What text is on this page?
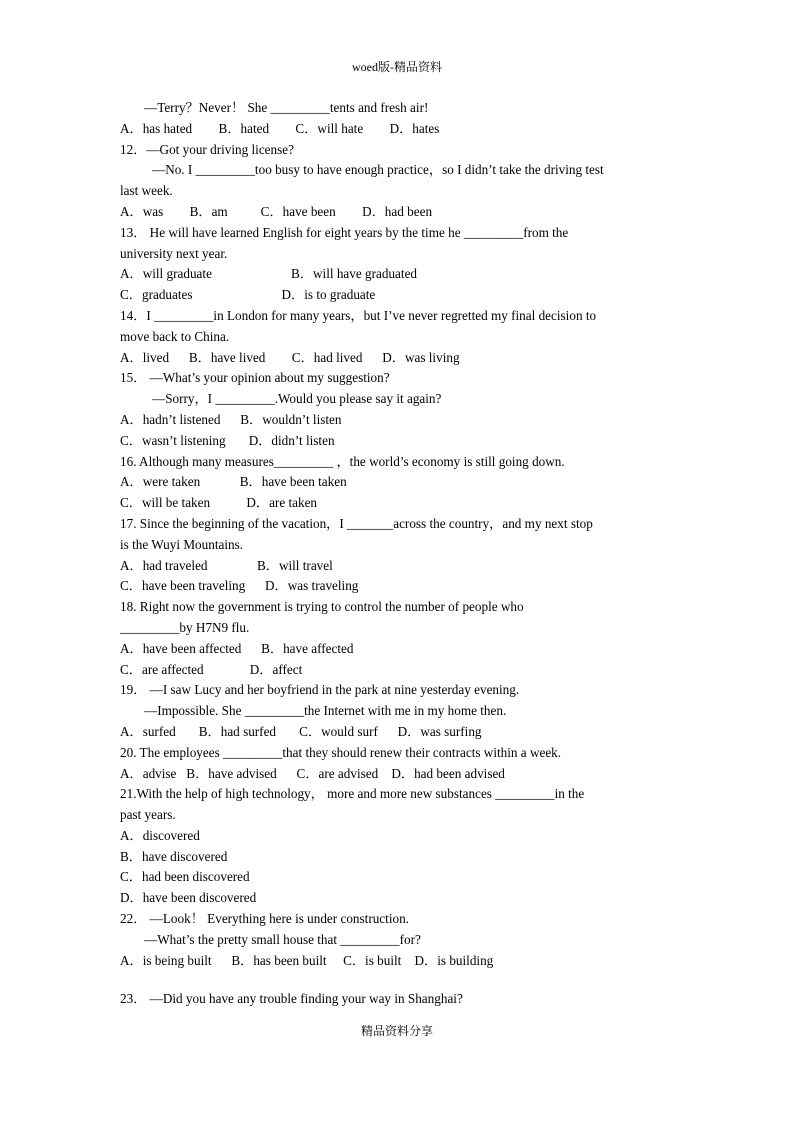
woed版-精品资料
—Terry？Never！ She _________tents and fresh air!
A．has hated        B．hated        C．will hate        D．hates
12．—Got your driving license?
—No. I _________too busy to have enough practice，so I didn’t take the driving test
last week.
A．was        B．am          C．have been        D．had been
13． He will have learned English for eight years by the time he _________from the
university next year.
A．will graduate                        B．will have graduated
C．graduates                           D．is to graduate
14．I _________in London for many years，but I’ve never regretted my final decision to
move back to China.
A．lived      B．have lived        C．had lived      D．was living
15． —What’s your opinion about my suggestion?
—Sorry，I _________.Would you please say it again?
A．hadn’t listened      B．wouldn’t listen
C．wasn’t listening       D．didn’t listen
16. Although many measures_________ ，the world’s economy is still going down.
A．were taken            B．have been taken
C．will be taken           D．are taken
17. Since the beginning of the vacation，I _______across the country，and my next stop
is the Wuyi Mountains.
A．had traveled               B．will travel
C．have been traveling      D．was traveling
18. Right now the government is trying to control the number of people who
_________by H7N9 flu.
A．have been affected      B．have affected
C．are affected              D．affect
19． —I saw Lucy and her boyfriend in the park at nine yesterday evening.
—Impossible. She _________the Internet with me in my home then.
A．surfed       B．had surfed       C．would surf      D．was surfing
20. The employees _________that they should renew their contracts within a week.
A．advise   B．have advised      C．are advised    D．had been advised
21.With the help of high technology， more and more new substances _________in the
past years.
A．discovered
B．have discovered
C．had been discovered
D．have been discovered
22． —Look！ Everything here is under construction.
—What’s the pretty small house that _________for?
A．is being built      B．has been built     C．is built    D．is building
23． —Did you have any trouble finding your way in Shanghai?
精品资料分享
